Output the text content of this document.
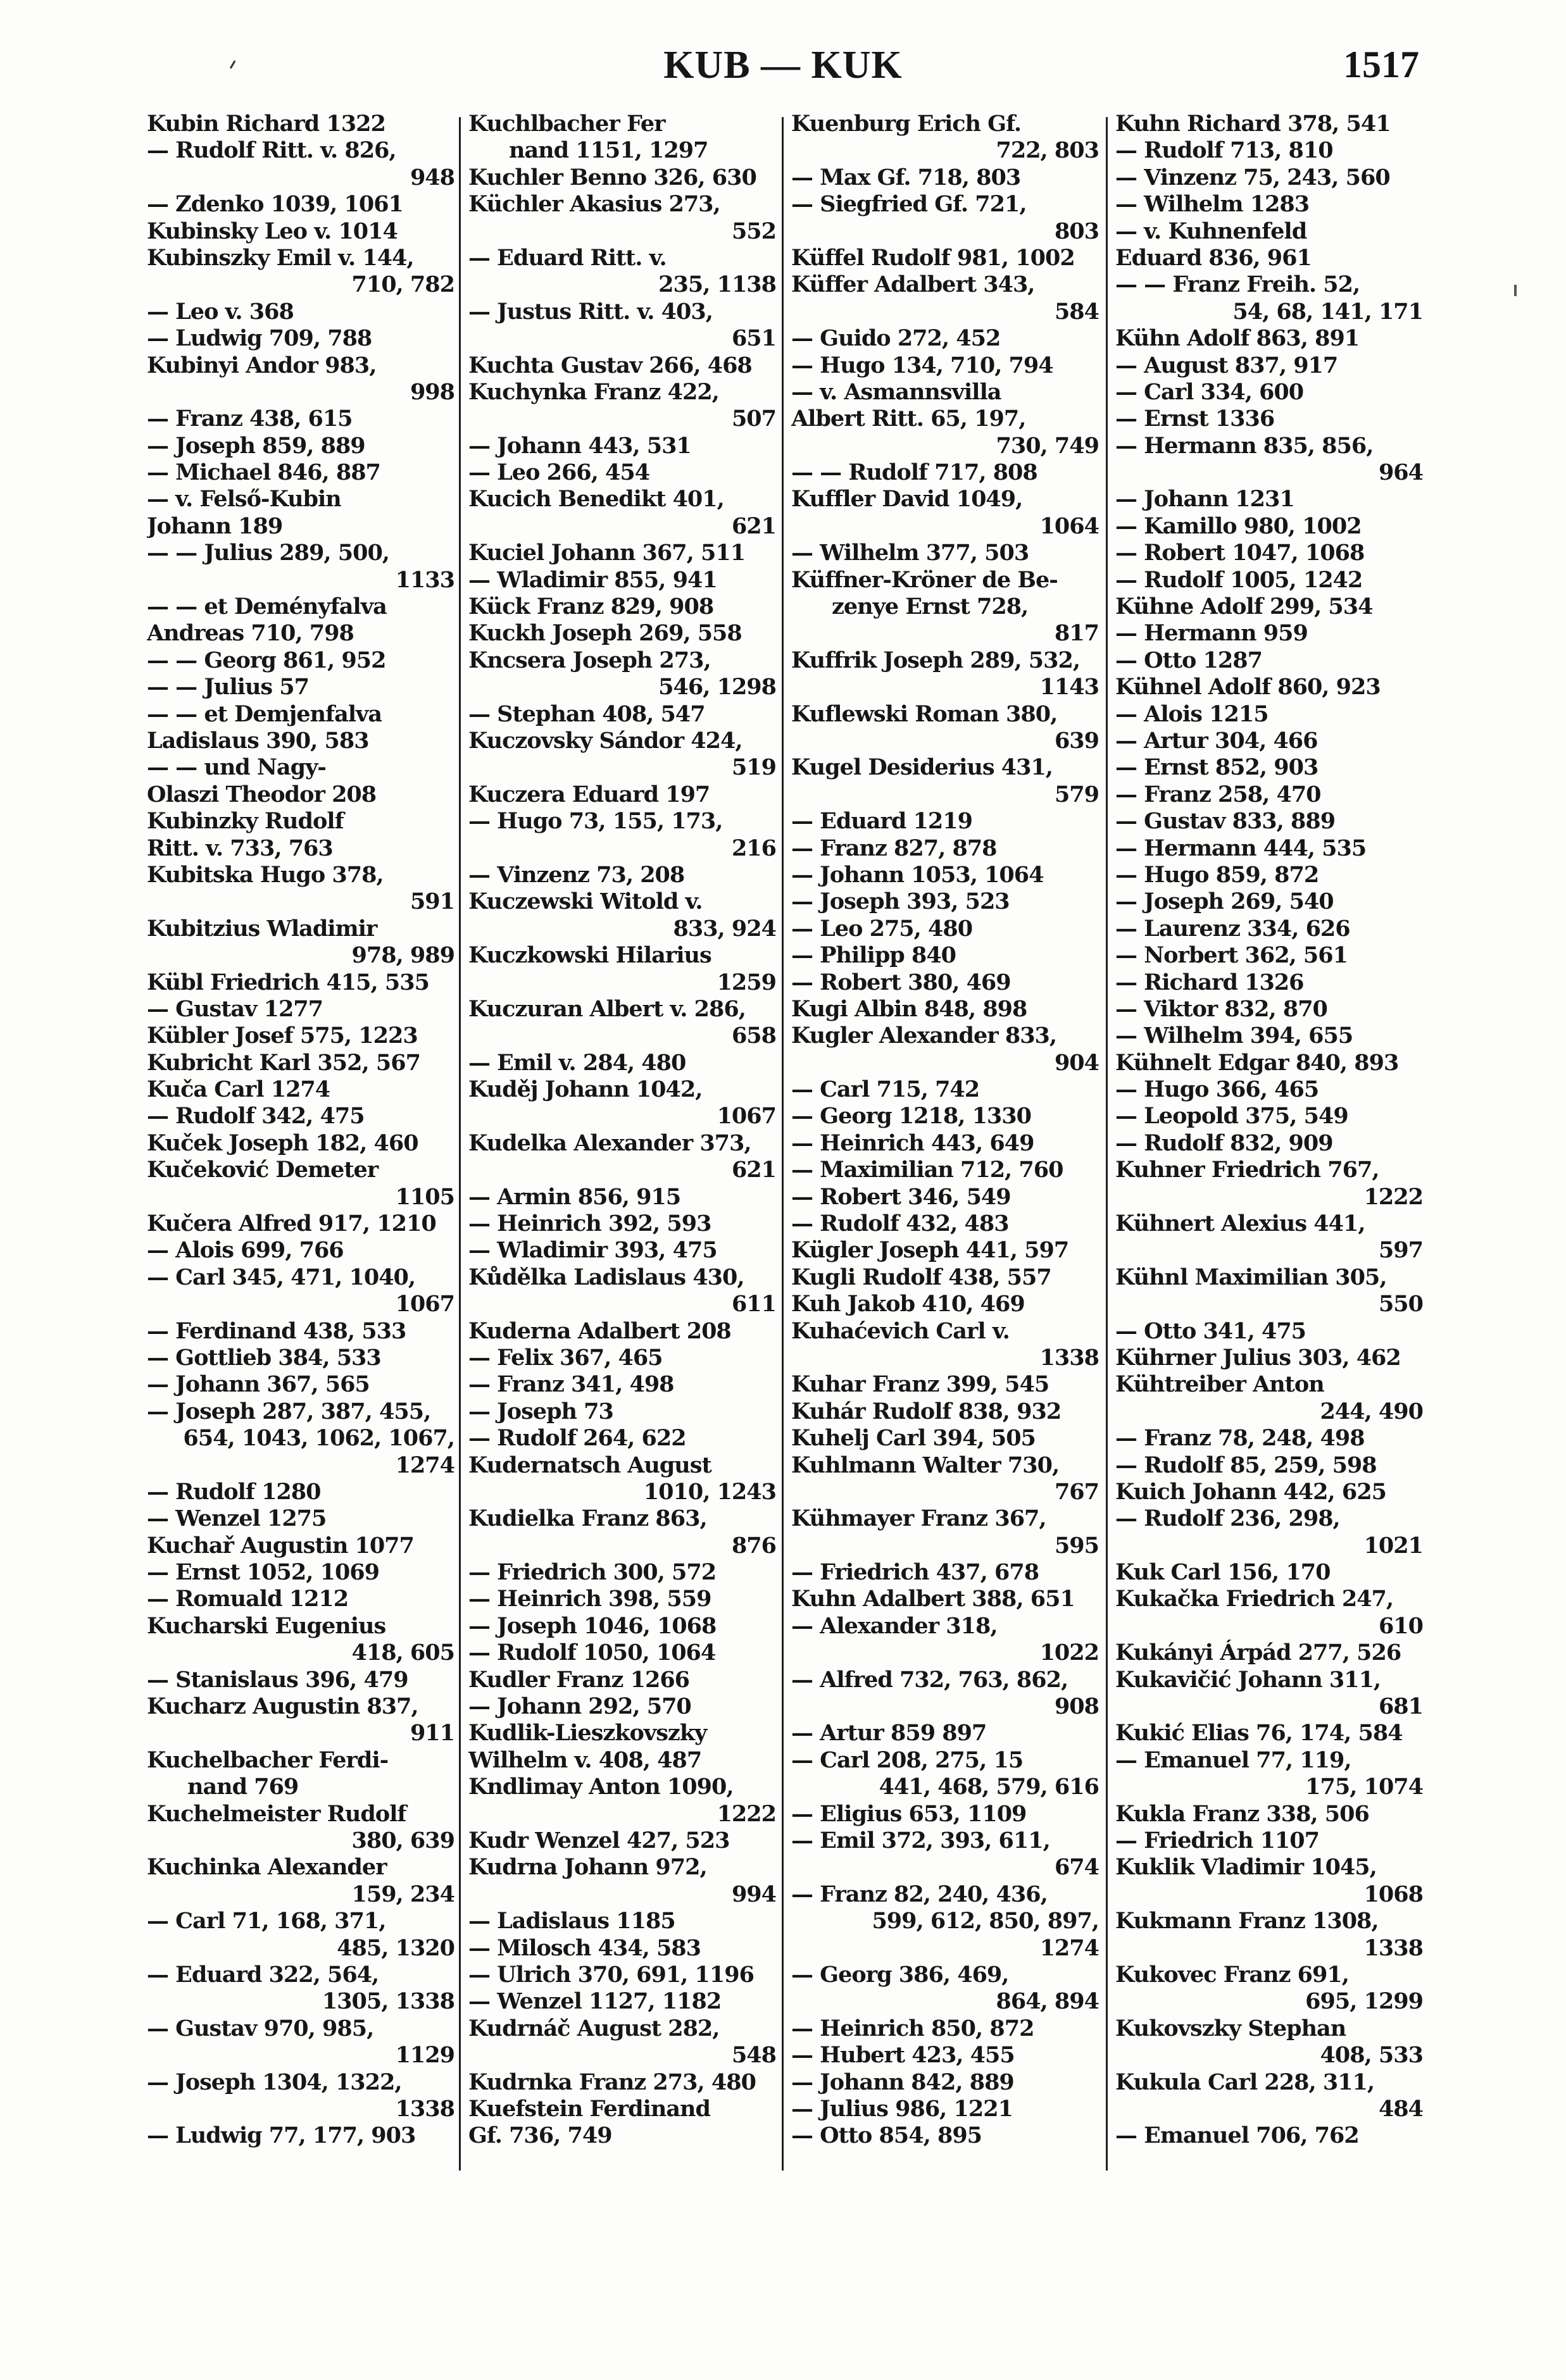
KUB — KUK	1517
Kubin Richard 1322
— Rudolf Ritt. v. 826,
948
— Zdenko 1039, 1061
Kubinsky Leo v. 1014
Kubinszky Emil v. 144,
710, 782
— Leo v. 368
— Ludwig 709, 788
Kubinyi Andor 983,
998
— Franz 438, 615
— Joseph 859, 889
— Michael 846, 887
— v. Felső-Kubin
Johann 189
— — Julius 289, 500,
1133
— — et Deményfalva
Andreas 710, 798
— — Georg 861, 952
— — Julius 57
— — et Demjenfalva
Ladislaus 390, 583
— — und Nagy-
Olaszi Theodor 208
Kubinzky Rudolf
Ritt. v. 733, 763
Kubitska Hugo 378,
591
Kubitzius Wladimir
978, 989
Kübl Friedrich 415, 535
— Gustav 1277
Kübler Josef 575, 1223
Kubricht Karl 352, 567
Kuča Carl 1274
— Rudolf 342, 475
Kuček Joseph 182, 460
Kučeković Demeter
1105
Kučera Alfred 917, 1210
— Alois 699, 766
— Carl 345, 471, 1040,
1067
— Ferdinand 438, 533
— Gottlieb 384, 533
— Johann 367, 565
— Joseph 287, 387, 455,
654, 1043, 1062, 1067,
1274
— Rudolf 1280
— Wenzel 1275
Kuchař Augustin 1077
— Ernst 1052, 1069
— Romuald 1212
Kucharski Eugenius
418, 605
— Stanislaus 396, 479
Kucharz Augustin 837,
911
Kuchelbacher Ferdi-
nand 769
Kuchelmeister Rudolf
380, 639
Kuchinka Alexander
159, 234
— Carl 71, 168, 371,
485, 1320
— Eduard 322, 564,
1305, 1338
— Gustav 970, 985,
1129
— Joseph 1304, 1322,
1338
— Ludwig 77, 177, 903
Kuchlbacher Fer
nand 1151, 1297
Kuchler Benno 326, 630
Küchler Akasius 273,
552
— Eduard Ritt. v.
235, 1138
— Justus Ritt. v. 403,
651
Kuchta Gustav 266, 468
Kuchynka Franz 422,
507
— Johann 443, 531
— Leo 266, 454
Kucich Benedikt 401,
621
Kuciel Johann 367, 511
— Wladimir 855, 941
Kück Franz 829, 908
Kuckh Joseph 269, 558
Kncsera Joseph 273,
546, 1298
— Stephan 408, 547
Kuczovsky Sándor 424,
519
Kuczera Eduard 197
— Hugo 73, 155, 173,
216
— Vinzenz 73, 208
Kuczewski Witold v.
833, 924
Kuczkowski Hilarius
1259
Kuczuran Albert v. 286,
658
— Emil v. 284, 480
Kuděj Johann 1042,
1067
Kudelka Alexander 373,
621
— Armin 856, 915
— Heinrich 392, 593
— Wladimir 393, 475
Kůdělka Ladislaus 430,
611
Kuderna Adalbert 208
— Felix 367, 465
— Franz 341, 498
— Joseph 73
— Rudolf 264, 622
Kudernatsch August
1010, 1243
Kudielka Franz 863,
876
— Friedrich 300, 572
— Heinrich 398, 559
— Joseph 1046, 1068
— Rudolf 1050, 1064
Kudler Franz 1266
— Johann 292, 570
Kudlik-Lieszkovszky
Wilhelm v. 408, 487
Kndlimay Anton 1090,
1222
Kudr Wenzel 427, 523
Kudrna Johann 972,
994
— Ladislaus 1185
— Milosch 434, 583
— Ulrich 370, 691, 1196
— Wenzel 1127, 1182
Kudrnáč August 282,
548
Kudrnka Franz 273, 480
Kuefstein Ferdinand
Gf. 736, 749
Kuenburg Erich Gf.
722, 803
— Max Gf. 718, 803
— Siegfried Gf. 721,
803
Küffel Rudolf 981, 1002
Küffer Adalbert 343,
584
— Guido 272, 452
— Hugo 134, 710, 794
— v. Asmannsvilla
Albert Ritt. 65, 197,
730, 749
— — Rudolf 717, 808
Kuffler David 1049,
1064
— Wilhelm 377, 503
Küffner-Kröner de Be-
zenye Ernst 728,
817
Kuffrik Joseph 289, 532,
1143
Kuflewski Roman 380,
639
Kugel Desiderius 431,
579
— Eduard 1219
— Franz 827, 878
— Johann 1053, 1064
— Joseph 393, 523
— Leo 275, 480
— Philipp 840
— Robert 380, 469
Kugi Albin 848, 898
Kugler Alexander 833,
904
— Carl 715, 742
— Georg 1218, 1330
— Heinrich 443, 649
— Maximilian 712, 760
— Robert 346, 549
— Rudolf 432, 483
Kügler Joseph 441, 597
Kugli Rudolf 438, 557
Kuh Jakob 410, 469
Kuhaćevich Carl v.
1338
Kuhar Franz 399, 545
Kuhár Rudolf 838, 932
Kuhelj Carl 394, 505
Kuhlmann Walter 730,
767
Kühmayer Franz 367,
595
— Friedrich 437, 678
Kuhn Adalbert 388, 651
— Alexander 318,
1022
— Alfred 732, 763, 862,
908
— Artur 859 897
— Carl 208, 275, 15
441, 468, 579, 616
— Eligius 653, 1109
— Emil 372, 393, 611,
674
— Franz 82, 240, 436,
599, 612, 850, 897,
1274
— Georg 386, 469,
864, 894
— Heinrich 850, 872
— Hubert 423, 455
— Johann 842, 889
— Julius 986, 1221
— Otto 854, 895
Kuhn Richard 378, 541
— Rudolf 713, 810
— Vinzenz 75, 243, 560
— Wilhelm 1283
— v. Kuhnenfeld
Eduard 836, 961
— — Franz Freih. 52,
54, 68, 141, 171
Kühn Adolf 863, 891
— August 837, 917
— Carl 334, 600
— Ernst 1336
— Hermann 835, 856,
964
— Johann 1231
— Kamillo 980, 1002
— Robert 1047, 1068
— Rudolf 1005, 1242
Kühne Adolf 299, 534
— Hermann 959
— Otto 1287
Kühnel Adolf 860, 923
— Alois 1215
— Artur 304, 466
— Ernst 852, 903
— Franz 258, 470
— Gustav 833, 889
— Hermann 444, 535
— Hugo 859, 872
— Joseph 269, 540
— Laurenz 334, 626
— Norbert 362, 561
— Richard 1326
— Viktor 832, 870
— Wilhelm 394, 655
Kühnelt Edgar 840, 893
— Hugo 366, 465
— Leopold 375, 549
— Rudolf 832, 909
Kuhner Friedrich 767,
1222
Kühnert Alexius 441,
597
Kühnl Maximilian 305,
550
— Otto 341, 475
Kührner Julius 303, 462
Kühtreiber Anton
244, 490
— Franz 78, 248, 498
— Rudolf 85, 259, 598
Kuich Johann 442, 625
— Rudolf 236, 298,
1021
Kuk Carl 156, 170
Kukačka Friedrich 247,
610
Kukányi Árpád 277, 526
Kukavičić Johann 311,
681
Kukić Elias 76, 174, 584
— Emanuel 77, 119,
175, 1074
Kukla Franz 338, 506
— Friedrich 1107
Kuklik Vladimir 1045,
1068
Kukmann Franz 1308,
1338
Kukovec Franz 691,
695, 1299
Kukovszky Stephan
408, 533
Kukula Carl 228, 311,
484
— Emanuel 706, 762
